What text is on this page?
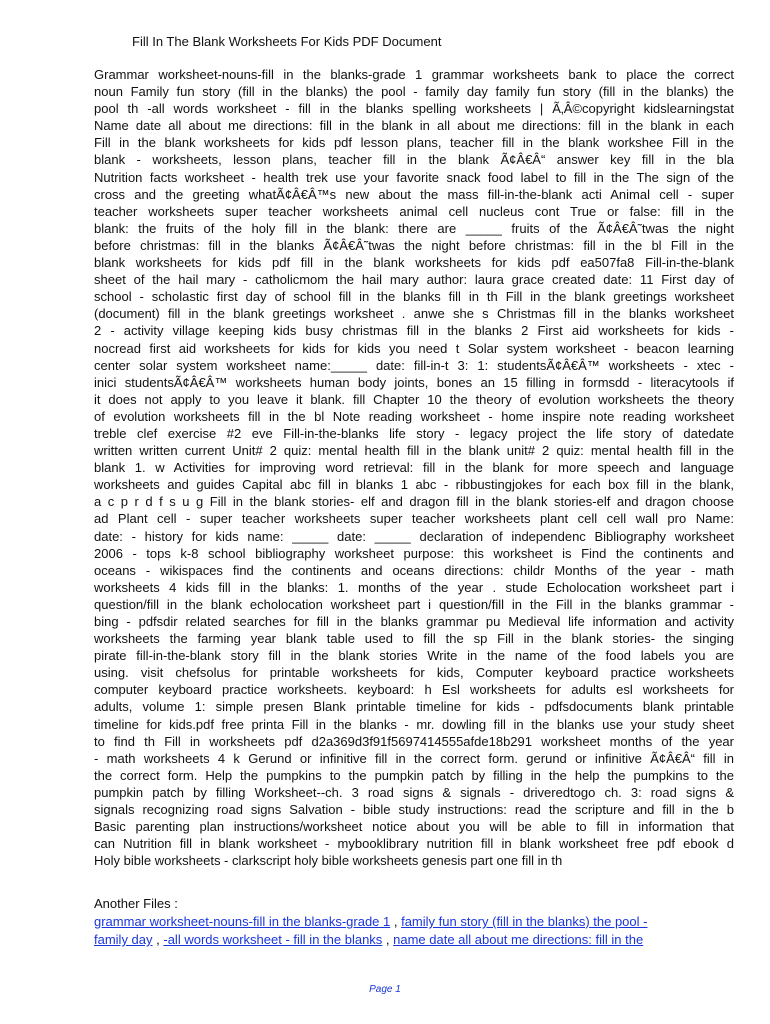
Fill In The Blank Worksheets For Kids PDF Document
Grammar worksheet-nouns-fill in the blanks-grade 1 grammar worksheets bank to place the correct
noun Family fun story (fill in the blanks) the pool - family day family fun story (fill in the blanks) the
pool th -all words worksheet - fill in the blanks spelling worksheets | Ã‚Â©copyright kidslearningstat
Name date all about me directions: fill in the blank in all about me directions: fill in the blank in each
Fill in the blank worksheets for kids pdf lesson plans, teacher fill in the blank workshee Fill in the
blank - worksheets, lesson plans, teacher fill in the blank Ã¢Â€Â“ answer key fill in the bla
Nutrition facts worksheet - health trek use your favorite snack food label to fill in the The sign of the
cross and the greeting whatÃ¢Â€Â™s new about the mass fill-in-the-blank acti Animal cell - super
teacher worksheets super teacher worksheets animal cell nucleus cont True or false: fill in the
blank: the fruits of the holy fill in the blank: there are _____ fruits of the Ã¢Â€Â˜twas the night
before christmas: fill in the blanks Ã¢Â€Â˜twas the night before christmas: fill in the bl Fill in the
blank worksheets for kids pdf fill in the blank worksheets for kids pdf ea507fa8 Fill-in-the-blank
sheet of the hail mary - catholicmom the hail mary author: laura grace created date: 11 First day of
school - scholastic first day of school fill in the blanks fill in th Fill in the blank greetings worksheet
(document) fill in the blank greetings worksheet . anwe she s Christmas fill in the blanks worksheet
2 - activity village keeping kids busy christmas fill in the blanks 2 First aid worksheets for kids -
nocread first aid worksheets for kids for kids you need t Solar system worksheet - beacon learning
center solar system worksheet name:_____ date: fill-in-t 3: 1: studentsÃ¢Â€Â™ worksheets - xtec -
inici studentsÃ¢Â€Â™ worksheets human body joints, bones an 15 filling in formsdd - literacytools if
it does not apply to you leave it blank. fill Chapter 10 the theory of evolution worksheets the theory
of evolution worksheets fill in the bl Note reading worksheet - home inspire note reading worksheet
treble clef exercise #2 eve Fill-in-the-blanks life story - legacy project the life story of datedate
written written current Unit# 2 quiz: mental health fill in the blank unit# 2 quiz: mental health fill in the
blank 1. w Activities for improving word retrieval: fill in the blank for more speech and language
worksheets and guides Capital abc fill in blanks 1 abc - ribbustingjokes for each box fill in the blank,
a c p r d f s u g Fill in the blank stories- elf and dragon fill in the blank stories-elf and dragon choose
ad Plant cell - super teacher worksheets super teacher worksheets plant cell cell wall pro Name:
date: - history for kids name: _____ date: _____ declaration of independenc Bibliography worksheet
2006 - tops k-8 school bibliography worksheet purpose: this worksheet is Find the continents and
oceans - wikispaces find the continents and oceans directions: childr Months of the year - math
worksheets 4 kids fill in the blanks: 1. months of the year . stude Echolocation worksheet part i
question/fill in the blank echolocation worksheet part i question/fill in the Fill in the blanks grammar -
bing - pdfsdir related searches for fill in the blanks grammar pu Medieval life information and activity
worksheets the farming year blank table used to fill the sp Fill in the blank stories- the singing
pirate fill-in-the-blank story fill in the blank stories Write in the name of the food labels you are
using. visit chefsolus for printable worksheets for kids, Computer keyboard practice worksheets
computer keyboard practice worksheets. keyboard: h Esl worksheets for adults esl worksheets for
adults, volume 1: simple presen Blank printable timeline for kids - pdfsdocuments blank printable
timeline for kids.pdf free printa Fill in the blanks - mr. dowling fill in the blanks use your study sheet
to find th Fill in worksheets pdf d2a369d3f91f5697414555afde18b291 worksheet months of the year
- math worksheets 4 k Gerund or infinitive fill in the correct form. gerund or infinitive Ã¢Â€Â“ fill in
the correct form. Help the pumpkins to the pumpkin patch by filling in the help the pumpkins to the
pumpkin patch by filling Worksheet--ch. 3 road signs & signals - driveredtogo ch. 3: road signs &
signals recognizing road signs Salvation - bible study instructions: read the scripture and fill in the b
Basic parenting plan instructions/worksheet notice about you will be able to fill in information that
can Nutrition fill in blank worksheet - mybooklibrary nutrition fill in blank worksheet free pdf ebook d
Holy bible worksheets - clarkscript holy bible worksheets genesis part one fill in th
Another Files :
grammar worksheet-nouns-fill in the blanks-grade 1 , family fun story (fill in the blanks) the pool -
family day , -all words worksheet - fill in the blanks , name date all about me directions: fill in the
Page 1
